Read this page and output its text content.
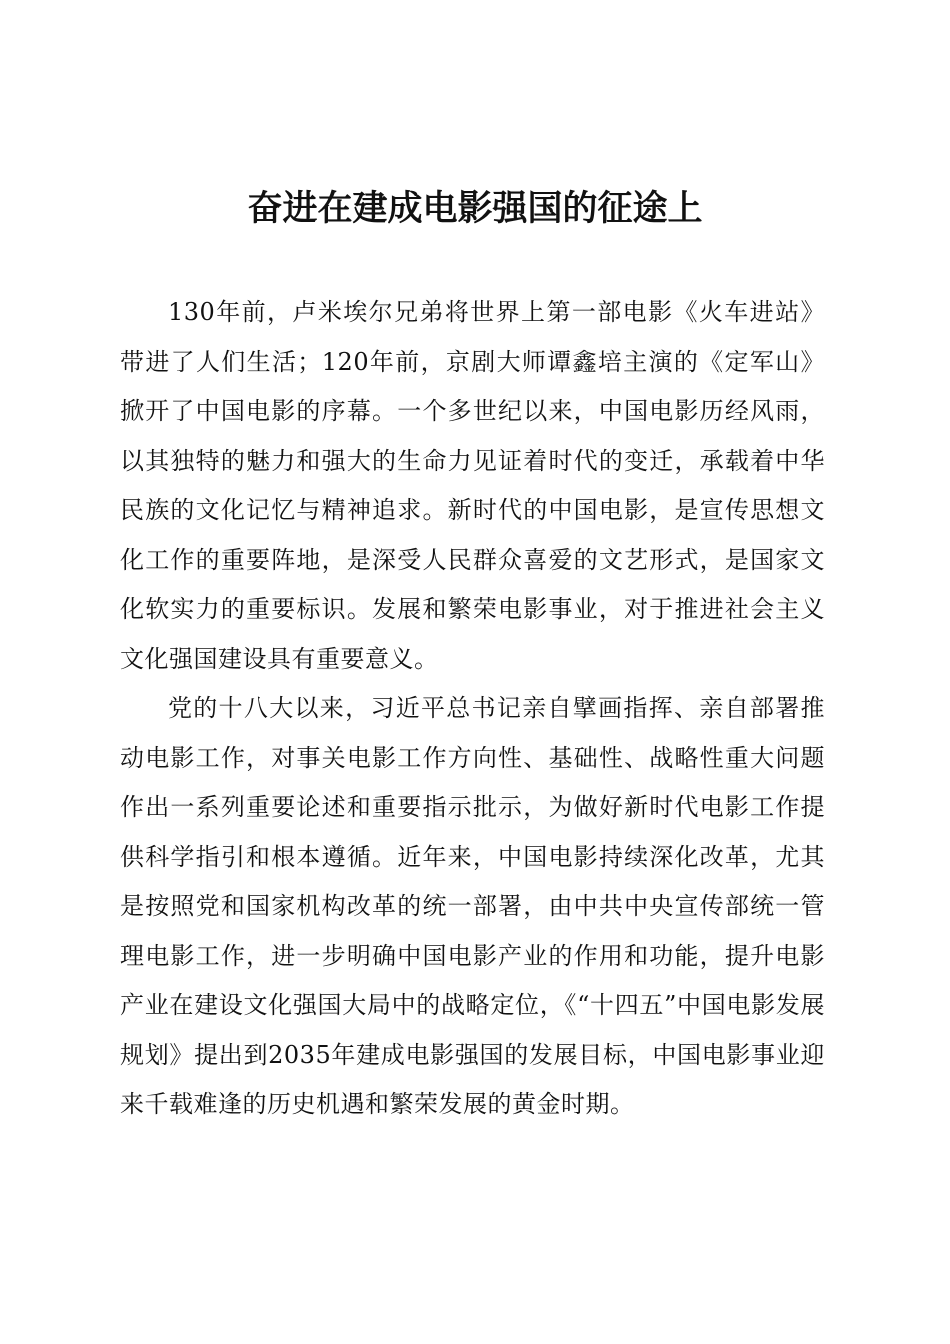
奋进在建成电影强国的征途上

130年前，卢米埃尔兄弟将世界上第一部电影《火车进站》带进了人们生活；120年前，京剧大师谭鑫培主演的《定军山》掀开了中国电影的序幕。一个多世纪以来，中国电影历经风雨，以其独特的魅力和强大的生命力见证着时代的变迁，承载着中华民族的文化记忆与精神追求。新时代的中国电影，是宣传思想文化工作的重要阵地，是深受人民群众喜爱的文艺形式，是国家文化软实力的重要标识。发展和繁荣电影事业，对于推进社会主义文化强国建设具有重要意义。

党的十八大以来，习近平总书记亲自擘画指挥、亲自部署推动电影工作，对事关电影工作方向性、基础性、战略性重大问题作出一系列重要论述和重要指示批示，为做好新时代电影工作提供科学指引和根本遵循。近年来，中国电影持续深化改革，尤其是按照党和国家机构改革的统一部署，由中共中央宣传部统一管理电影工作，进一步明确中国电影产业的作用和功能，提升电影产业在建设文化强国大局中的战略定位，《“十四五”中国电影发展规划》提出到2035年建成电影强国的发展目标，中国电影事业迎来千载难逢的历史机遇和繁荣发展的黄金时期。
